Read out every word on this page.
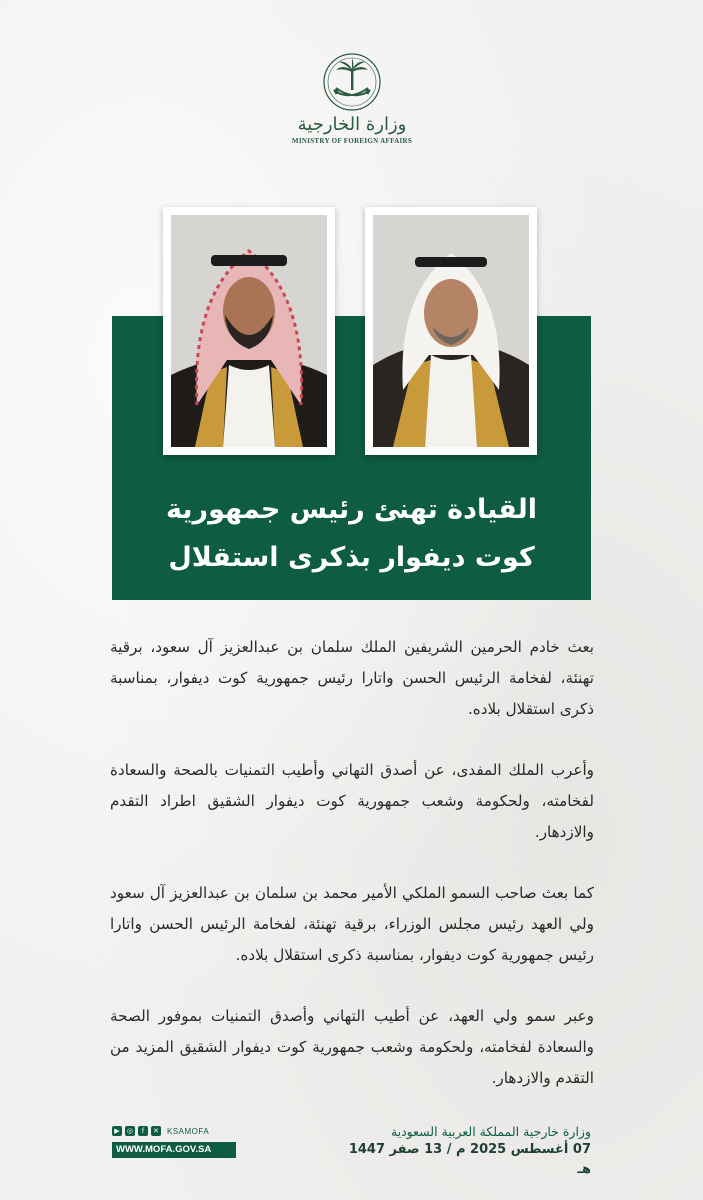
وزارة الخارجية
MINISTRY OF FOREIGN AFFAIRS
القيادة تهنئ رئيس جمهورية
كوت ديفوار بذكرى استقلال

بعث خادم الحرمين الشريفين الملك سلمان بن عبدالعزيز آل سعود، برقية تهنئة، لفخامة الرئيس الحسن واتارا رئيس جمهورية كوت ديفوار، بمناسبة ذكرى استقلال بلاده.

وأعرب الملك المفدى، عن أصدق التهاني وأطيب التمنيات بالصحة والسعادة لفخامته، ولحكومة وشعب جمهورية كوت ديفوار الشقيق اطراد التقدم والازدهار.

كما بعث صاحب السمو الملكي الأمير محمد بن سلمان بن عبدالعزيز آل سعود ولي العهد رئيس مجلس الوزراء، برقية تهنئة، لفخامة الرئيس الحسن واتارا رئيس جمهورية كوت ديفوار، بمناسبة ذكرى استقلال بلاده.

وعبر سمو ولي العهد، عن أطيب التهاني وأصدق التمنيات بموفور الصحة والسعادة لفخامته، ولحكومة وشعب جمهورية كوت ديفوار الشقيق المزيد من التقدم والازدهار.

▶	◎	f	✕ KSAMOFA
WWW.MOFA.GOV.SA
وزارة خارجية المملكة العربية السعودية
07 أغسطس 2025 م / 13 صفر 1447 هـ
